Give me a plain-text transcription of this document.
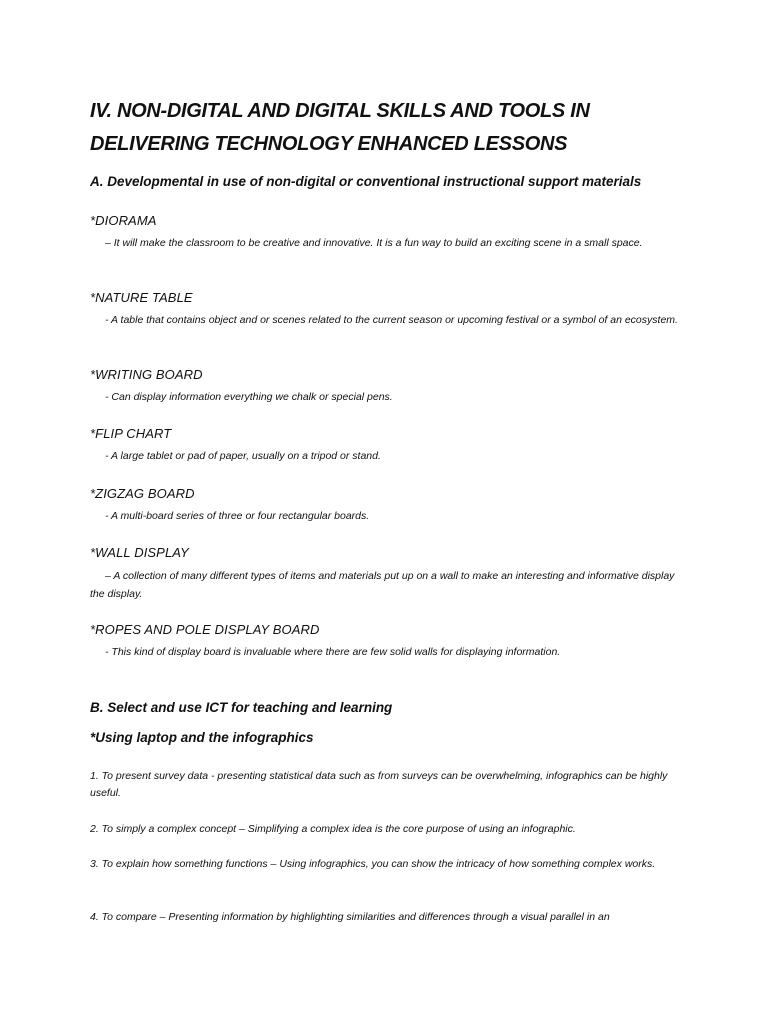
IV. NON-DIGITAL AND DIGITAL SKILLS AND TOOLS IN DELIVERING TECHNOLOGY ENHANCED LESSONS
A. Developmental in use of non-digital or conventional instructional support materials
*DIORAMA

– It will make the classroom to be creative and innovative. It is a fun way to build an exciting scene in a small space.

*NATURE TABLE

- A table that contains object and or scenes related to the current season or upcoming festival or a symbol of an ecosystem.

*WRITING BOARD

- Can display information everything we chalk or special pens.

*FLIP CHART

- A large tablet or pad of paper, usually on a tripod or stand.

*ZIGZAG BOARD

- A multi-board series of three or four rectangular boards.

*WALL DISPLAY

– A collection of many different types of items and materials put up on a wall to make an interesting and informative display the display.

*ROPES AND POLE DISPLAY BOARD

- This kind of display board is invaluable where there are few solid walls for displaying information.

B. Select and use ICT for teaching and learning
*Using laptop and the infographics

1. To present survey data - presenting statistical data such as from surveys can be overwhelming, infographics can be highly useful.

2. To simply a complex concept – Simplifying a complex idea is the core purpose of using an infographic.

3. To explain how something functions – Using infographics, you can show the intricacy of how something complex works.

4. To compare – Presenting information by highlighting similarities and differences through a visual parallel in an
